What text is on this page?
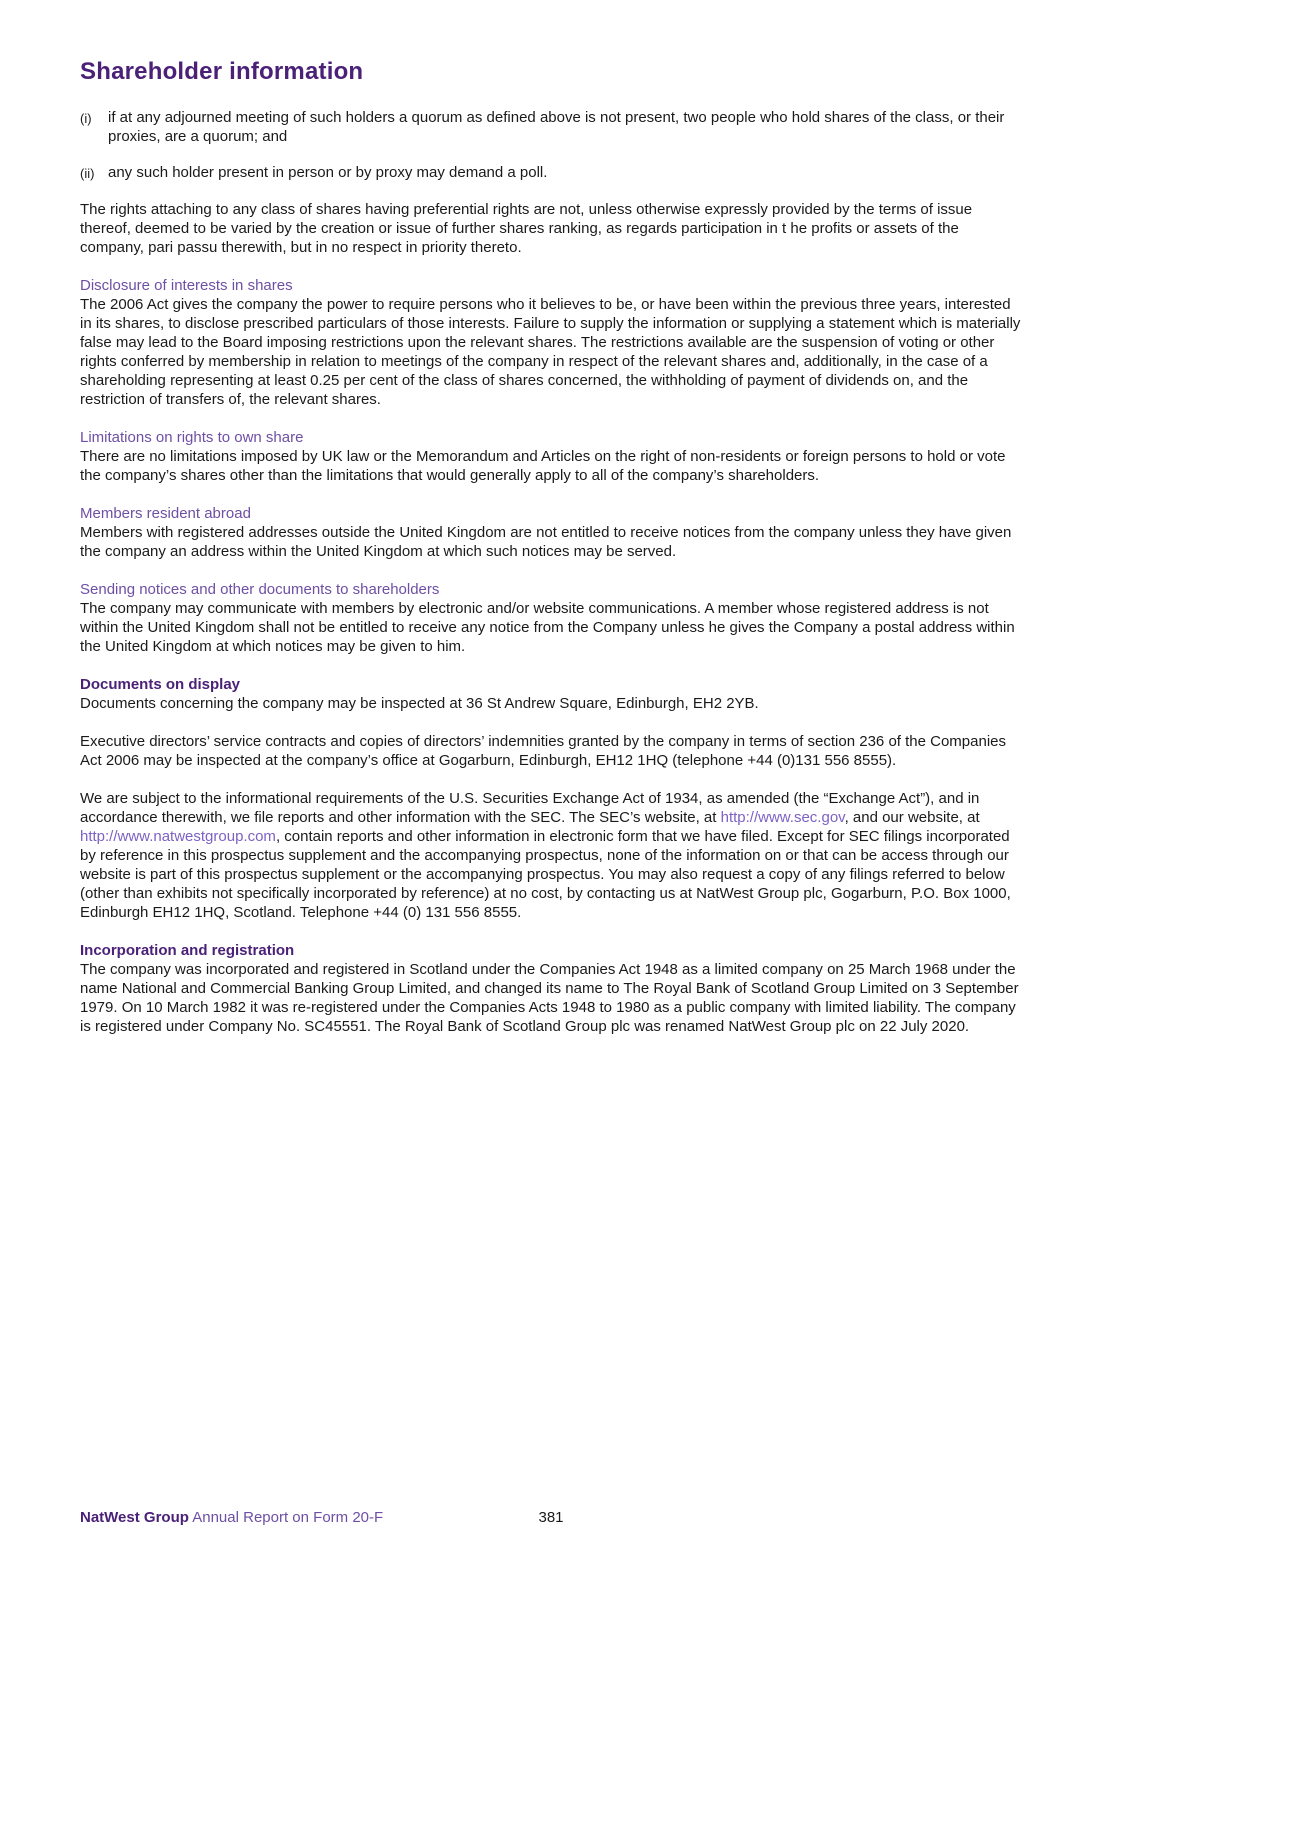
Shareholder information
(i)	if at any adjourned meeting of such holders a quorum as defined above is not present, two people who hold shares of the class, or their proxies, are a quorum; and
(ii) any such holder present in person or by proxy may demand a poll.

The rights attaching to any class of shares having preferential rights are not, unless otherwise expressly provided by the terms of issue thereof, deemed to be varied by the creation or issue of further shares ranking, as regards participation in t he profits or assets of the company, pari passu therewith, but in no respect in priority thereto.

Disclosure of interests in shares

The 2006 Act gives the company the power to require persons who it believes to be, or have been within the previous three years, interested in its shares, to disclose prescribed particulars of those interests. Failure to supply the information or supplying a statement which is materially false may lead to the Board imposing restrictions upon the relevant shares. The restrictions available are the suspension of voting or other rights conferred by membership in relation to meetings of the company in respect of the relevant shares and, additionally, in the case of a shareholding representing at least 0.25 per cent of the class of shares concerned, the withholding of payment of dividends on, and the restriction of transfers of, the relevant shares.

Limitations on rights to own share

There are no limitations imposed by UK law or the Memorandum and Articles on the right of non-residents or foreign persons to hold or vote the company’s shares other than the limitations that would generally apply to all of the company’s shareholders.

Members resident abroad

Members with registered addresses outside the United Kingdom are not entitled to receive notices from the company unless they have given the company an address within the United Kingdom at which such notices may be served.

Sending notices and other documents to shareholders

The company may communicate with members by electronic and/or website communications. A member whose registered address is not within the United Kingdom shall not be entitled to receive any notice from the Company unless he gives the Company a postal address within the United Kingdom at which notices may be given to him.

Documents on display

Documents concerning the company may be inspected at 36 St Andrew Square, Edinburgh, EH2 2YB.

Executive directors’ service contracts and copies of directors’ indemnities granted by the company in terms of section 236 of the Companies Act 2006 may be inspected at the company’s office at Gogarburn, Edinburgh, EH12 1HQ (telephone +44 (0)131 556 8555).

We are subject to the informational requirements of the U.S. Securities Exchange Act of 1934, as amended (the “Exchange Act”), and in accordance therewith, we file reports and other information with the SEC. The SEC’s website, at http://www.sec.gov, and our website, at http://www.natwestgroup.com, contain reports and other information in electronic form that we have filed. Except for SEC filings incorporated by reference in this prospectus supplement and the accompanying prospectus, none of the information on or that can be access through our website is part of this prospectus supplement or the accompanying prospectus. You may also request a copy of any filings referred to below (other than exhibits not specifically incorporated by reference) at no cost, by contacting us at NatWest Group plc, Gogarburn, P.O. Box 1000, Edinburgh EH12 1HQ, Scotland. Telephone +44 (0) 131 556 8555.

Incorporation and registration

The company was incorporated and registered in Scotland under the Companies Act 1948 as a limited company on 25 March 1968 under the name National and Commercial Banking Group Limited, and changed its name to The Royal Bank of Scotland Group Limited on 3 September 1979. On 10 March 1982 it was re-registered under the Companies Acts 1948 to 1980 as a public company with limited liability. The company is registered under Company No. SC45551. The Royal Bank of Scotland Group plc was renamed NatWest Group plc on 22 July 2020.

381
NatWest Group Annual Report on Form 20-F
